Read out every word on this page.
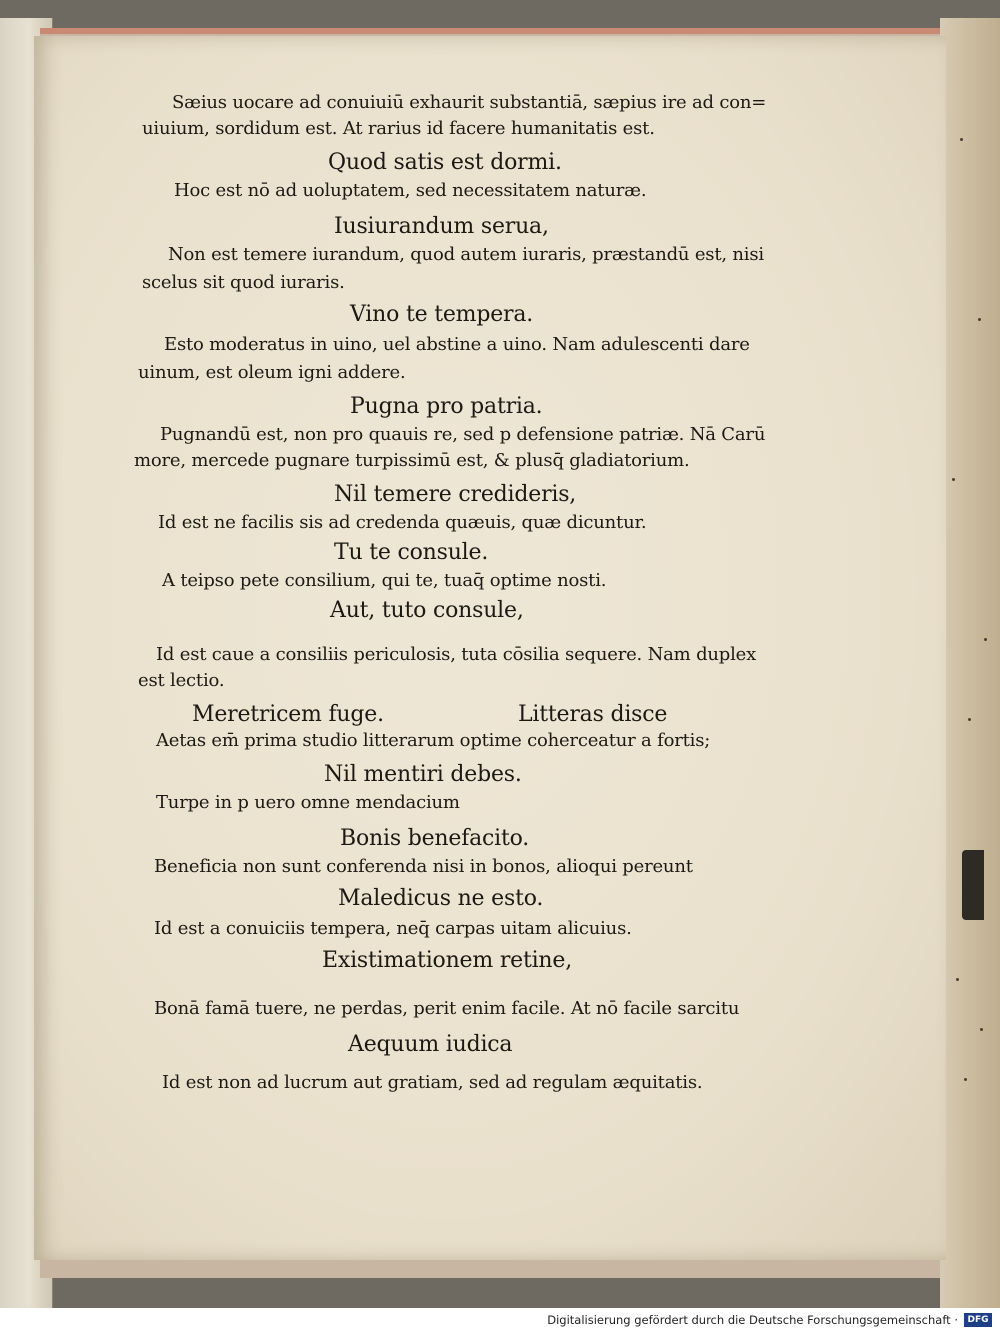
Sæius uocare ad conuiuiū exhaurit substantiā, sæpius ire ad con=
uiuium, sordidum est. At rarius id facere humanitatis est.
Quod satis est dormi.
Hoc est nō ad uoluptatem, sed necessitatem naturæ.
Iusiurandum serua,
Non est temere iurandum, quod autem iuraris, præstandū est, nisi
scelus sit quod iuraris.
Vino te tempera.
Esto moderatus in uino, uel abstine a uino. Nam adulescenti dare
uinum, est oleum igni addere.
Pugna pro patria.
Pugnandū est, non pro quauis re, sed p defensione patriæ. Nā Carū
more, mercede pugnare turpissimū est, & plusq̄ gladiatorium.
Nil temere credideris,
Id est ne facilis sis ad credenda quæuis, quæ dicuntur.
Tu te consule.
A teipso pete consilium, qui te, tuaq̄ optime nosti.
Aut, tuto consule,
Id est caue a consiliis periculosis, tuta cōsilia sequere. Nam duplex
est lectio.
Meretricem fuge.	Litteras disce
Aetas em̄ prima studio litterarum optime coherceatur a fortis;
Nil mentiri debes.
Turpe in p uero omne mendacium
Bonis benefacito.
Beneficia non sunt conferenda nisi in bonos, alioqui pereunt
Maledicus ne esto.
Id est a conuiciis tempera, neq̄ carpas uitam alicuius.
Existimationem retine,
Bonā famā tuere, ne perdas, perit enim facile. At nō facile sarcitu
Aequum iudica
Id est non ad lucrum aut gratiam, sed ad regulam æquitatis.
Digitalisierung gefördert durch die Deutsche Forschungsgemeinschaft ·	DFG
